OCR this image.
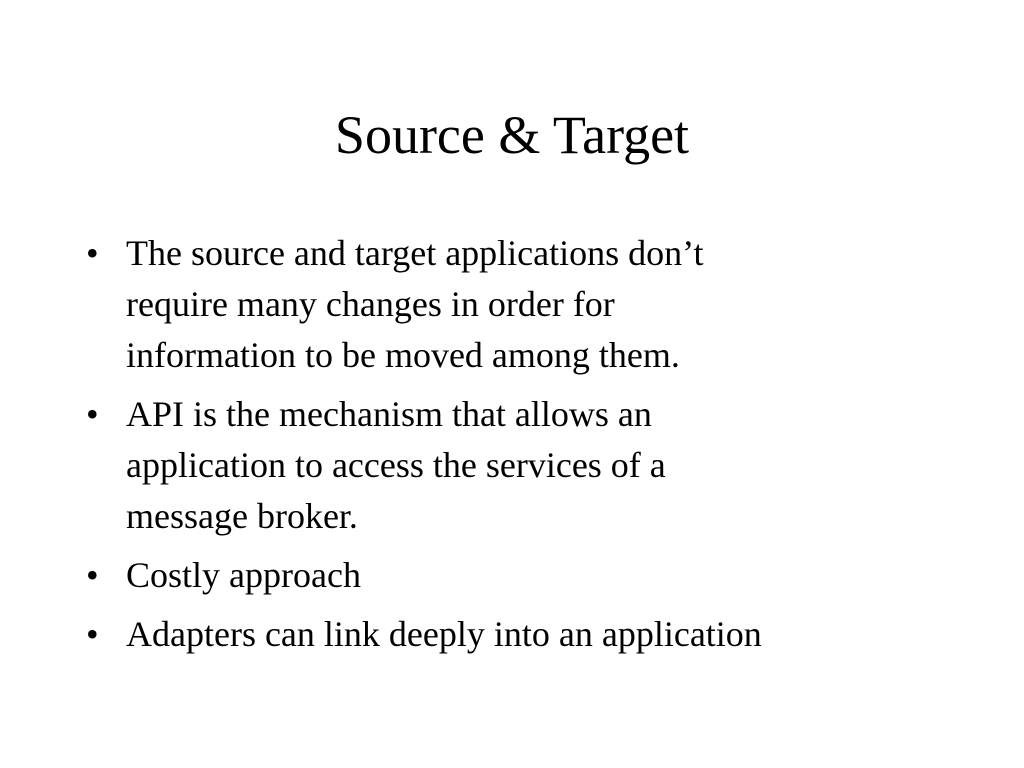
Source & Target
• The source and target applications don’t
require many changes in order for
information to be moved among them.
• API is the mechanism that allows an
application to access the services of a
message broker.
• Costly approach
• Adapters can link deeply into an application
